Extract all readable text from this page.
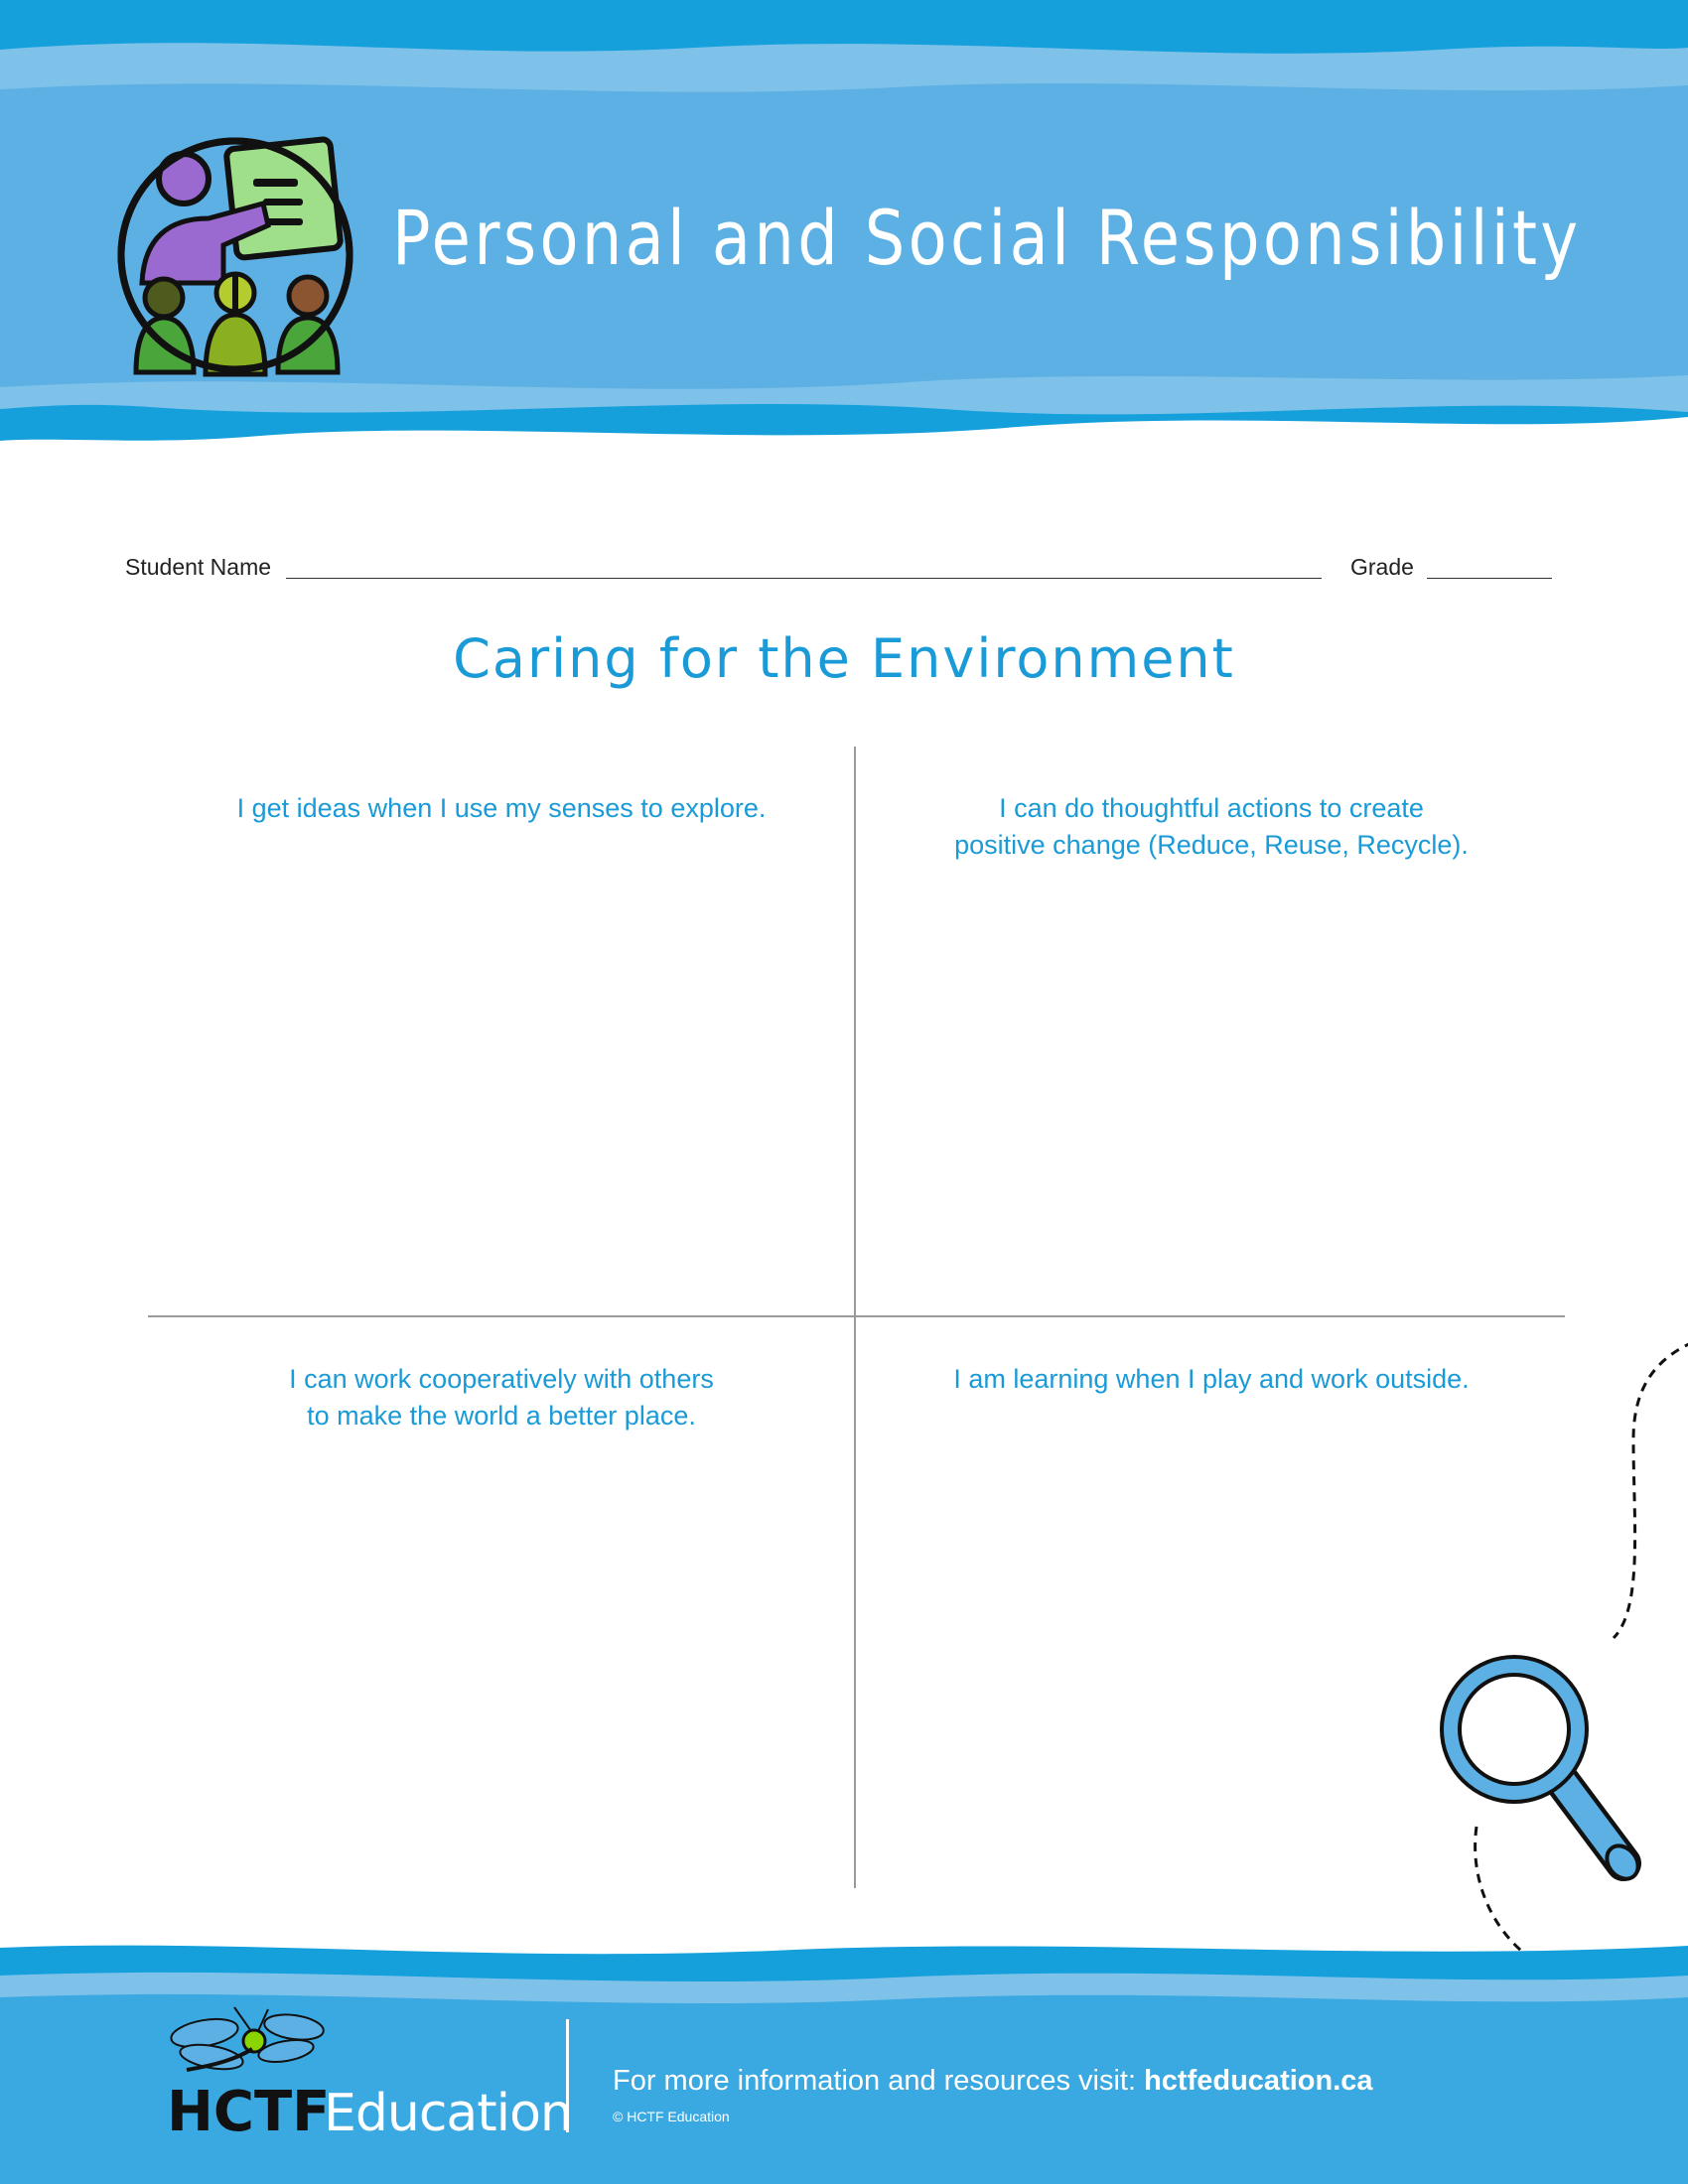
Personal and Social Responsibility
Student Name	Grade
Caring for the Environment
I get ideas when I use my senses to explore.	I can do thoughtful actions to create
positive change (Reduce, Reuse, Recycle).
I can work cooperatively with others
to make the world a better place.
I am learning when I play and work outside.
HCTF
Education
For more information and resources visit: hctfeducation.ca
© HCTF Education
